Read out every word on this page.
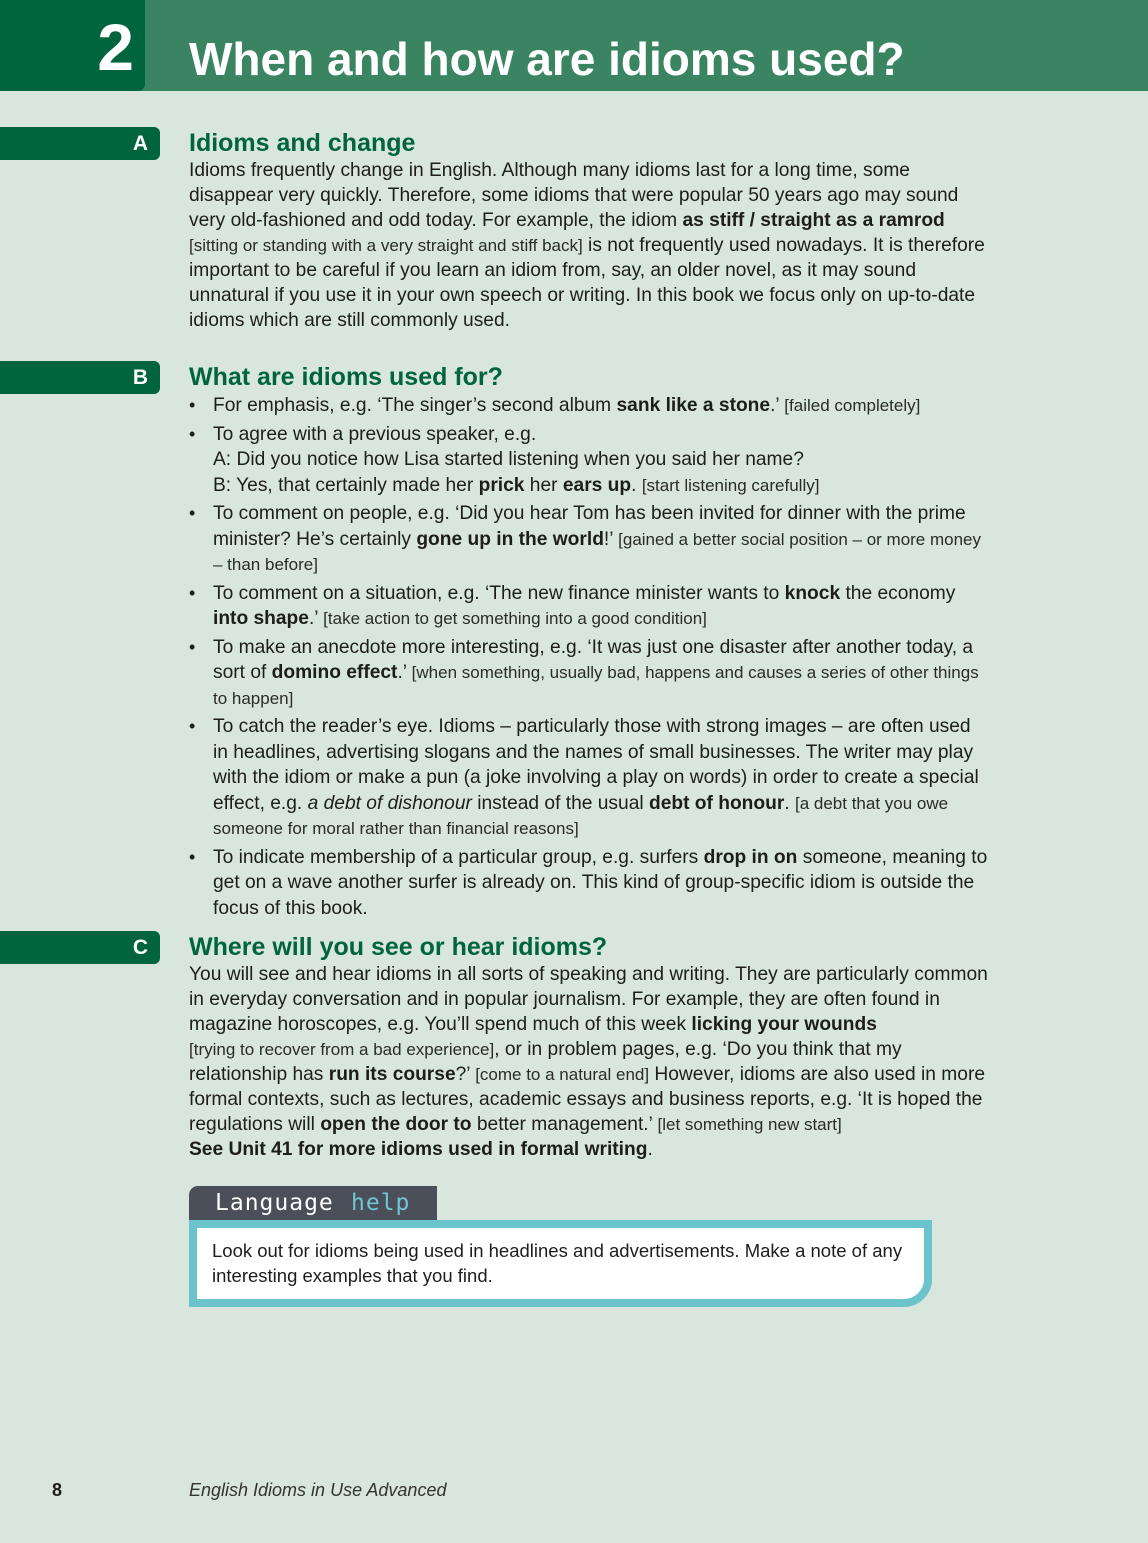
2 When and how are idioms used?
A Idioms and change

Idioms frequently change in English. Although many idioms last for a long time, some disappear very quickly. Therefore, some idioms that were popular 50 years ago may sound very old-fashioned and odd today. For example, the idiom as stiff / straight as a ramrod
[sitting or standing with a very straight and stiff back] is not frequently used nowadays. It is therefore important to be careful if you learn an idiom from, say, an older novel, as it may sound unnatural if you use it in your own speech or writing. In this book we focus only on up-to-date idioms which are still commonly used.

B What are idioms used for?
• For emphasis, e.g. ‘The singer’s second album sank like a stone.’ [failed completely]
• To agree with a previous speaker, e.g.
A: Did you notice how Lisa started listening when you said her name?
B: Yes, that certainly made her prick her ears up. [start listening carefully]
• To comment on people, e.g. ‘Did you hear Tom has been invited for dinner with the prime minister? He’s certainly gone up in the world!’ [gained a better social position – or more money – than before]
• To comment on a situation, e.g. ‘The new finance minister wants to knock the economy into shape.’ [take action to get something into a good condition]
• To make an anecdote more interesting, e.g. ‘It was just one disaster after another today, a sort of domino effect.’ [when something, usually bad, happens and causes a series of other things to happen]
• To catch the reader’s eye. Idioms – particularly those with strong images – are often used in headlines, advertising slogans and the names of small businesses. The writer may play with the idiom or make a pun (a joke involving a play on words) in order to create a special effect, e.g. a debt of dishonour instead of the usual debt of honour. [a debt that you owe someone for moral rather than financial reasons]
• To indicate membership of a particular group, e.g. surfers drop in on someone, meaning to get on a wave another surfer is already on. This kind of group-specific idiom is outside the focus of this book.
C Where will you see or hear idioms?

You will see and hear idioms in all sorts of speaking and writing. They are particularly common in everyday conversation and in popular journalism. For example, they are often found in magazine horoscopes, e.g. You’ll spend much of this week licking your wounds
[trying to recover from a bad experience], or in problem pages, e.g. ‘Do you think that my relationship has run its course?’ [come to a natural end] However, idioms are also used in more formal contexts, such as lectures, academic essays and business reports, e.g. ‘It is hoped the regulations will open the door to better management.’ [let something new start]
See Unit 41 for more idioms used in formal writing.

Language help

Look out for idioms being used in headlines and advertisements. Make a note of any interesting examples that you find.

8	English Idioms in Use Advanced
